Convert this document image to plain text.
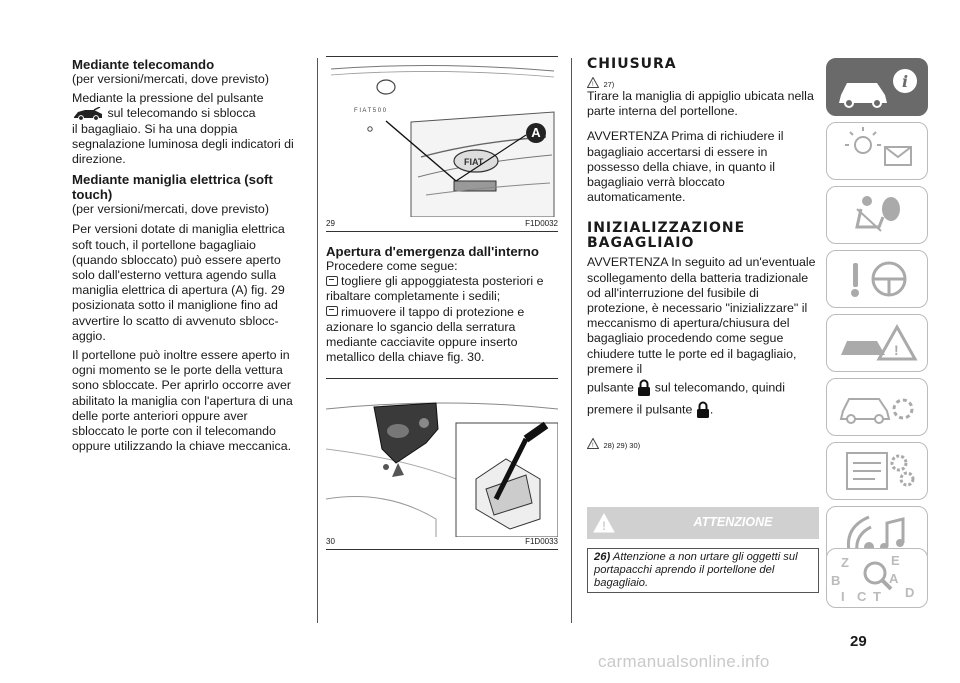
Mediante telecomando

(per versioni/mercati, dove previsto)

Mediante la pressione del pulsante

sul telecomando si sblocca

il bagagliaio. Si ha una doppia segnalazione luminosa degli indicatori di direzione.

Mediante maniglia elettrica (soft touch)

(per versioni/mercati, dove previsto)

Per versioni dotate di maniglia elettrica soft touch, il portellone bagagliaio (quando sbloccato) può essere aperto solo dall'esterno vettura agendo sulla maniglia elettrica di apertura (A) fig. 29 posizionata sotto il maniglione fino ad avvertire lo scatto di avvenuto sbloccaggio.

Il portellone può inoltre essere aperto in ogni momento se le porte della vettura sono sbloccate. Per aprirlo occorre aver abilitato la maniglia con l'apertura di una delle porte anteriori oppure aver sbloccato le porte con il telecomando oppure utilizzando la chiave meccanica.

F I A T 5 0 0
FIAT
A
29	F1D0032
Apertura d'emergenza dall'interno

Procedere come segue:

togliere gli appoggiatesta posteriori e ribaltare completamente i sedili;

rimuovere il tappo di protezione e azionare lo sgancio della serratura mediante cacciavite oppure inserto metallico della chiave fig. 30.

30	F1D0033
CHIUSURA
! 27)

Tirare la maniglia di appiglio ubicata nella parte interna del portellone.

AVVERTENZA Prima di richiudere il bagagliaio accertarsi di essere in possesso della chiave, in quanto il bagagliaio verrà bloccato automaticamente.

INIZIALIZZAZIONE BAGAGLIAIO

AVVERTENZA In seguito ad un'eventuale scollegamento della batteria tradizionale od all'interruzione del fusibile di protezione, è necessario "inizializzare" il meccanismo di apertura/chiusura del bagagliaio procedendo come segue chiudere tutte le porte ed il bagagliaio, premere il

pulsante sul telecomando, quindi

premere il pulsante .

! 28) 29) 30)
!	ATTENZIONE
26) Attenzione a non urtare gli oggetti sul portapacchi aprendo il portellone del bagagliaio.
i
!
Z	E
B	A
I C T D
29
carmanualsonline.info
